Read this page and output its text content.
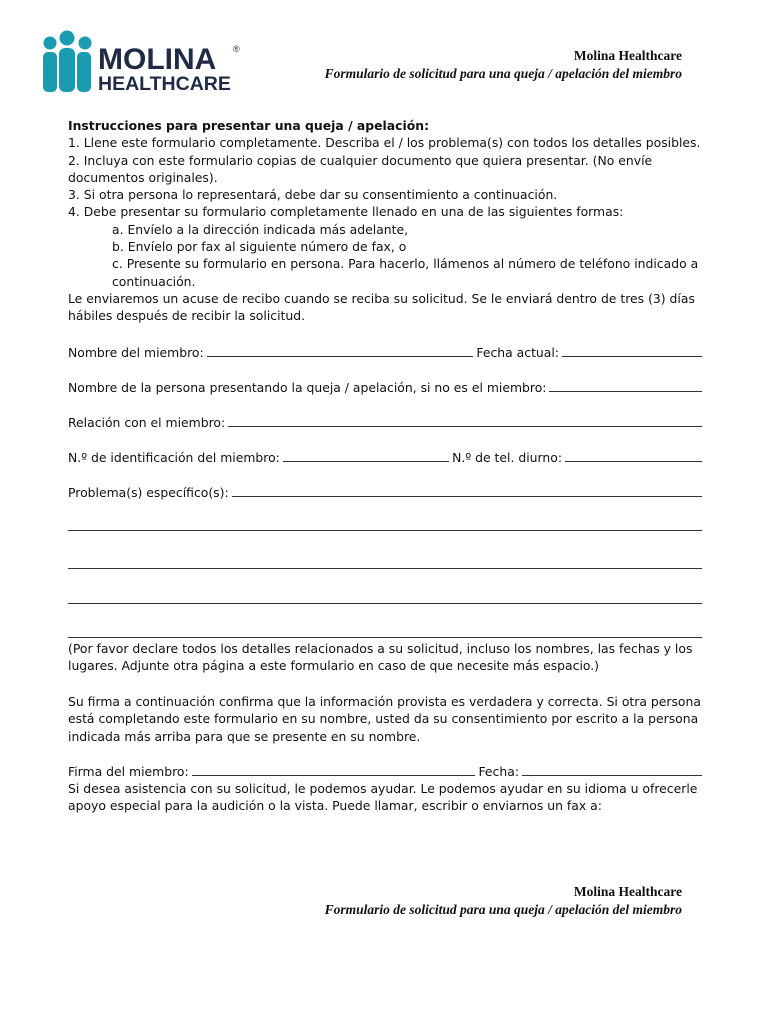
MOLINA ®
HEALTHCARE
Molina Healthcare
Formulario de solicitud para una queja / apelación del miembro

Instrucciones para presentar una queja / apelación:

1. Llene este formulario completamente. Describa el / los problema(s) con todos los detalles posibles.

2. Incluya con este formulario copias de cualquier documento que quiera presentar. (No envíe documentos originales).

3. Si otra persona lo representará, debe dar su consentimiento a continuación.

4. Debe presentar su formulario completamente llenado en una de las siguientes formas:

a. Envíelo a la dirección indicada más adelante,

b. Envíelo por fax al siguiente número de fax, o

c. Presente su formulario en persona. Para hacerlo, llámenos al número de teléfono indicado a continuación.

Le enviaremos un acuse de recibo cuando se reciba su solicitud. Se le enviará dentro de tres (3) días hábiles después de recibir la solicitud.

Nombre del miembro:	Fecha actual:
Nombre de la persona presentando la queja / apelación, si no es el miembro:
Relación con el miembro:
N.º de identificación del miembro:	N.º de tel. diurno:
Problema(s) específico(s):

(Por favor declare todos los detalles relacionados a su solicitud, incluso los nombres, las fechas y los lugares. Adjunte otra página a este formulario en caso de que necesite más espacio.)

Su firma a continuación confirma que la información provista es verdadera y correcta. Si otra persona está completando este formulario en su nombre, usted da su consentimiento por escrito a la persona indicada más arriba para que se presente en su nombre.

Firma del miembro:	Fecha:

Si desea asistencia con su solicitud, le podemos ayudar. Le podemos ayudar en su idioma u ofrecerle apoyo especial para la audición o la vista. Puede llamar, escribir o enviarnos un fax a:

Molina Healthcare
Formulario de solicitud para una queja / apelación del miembro
